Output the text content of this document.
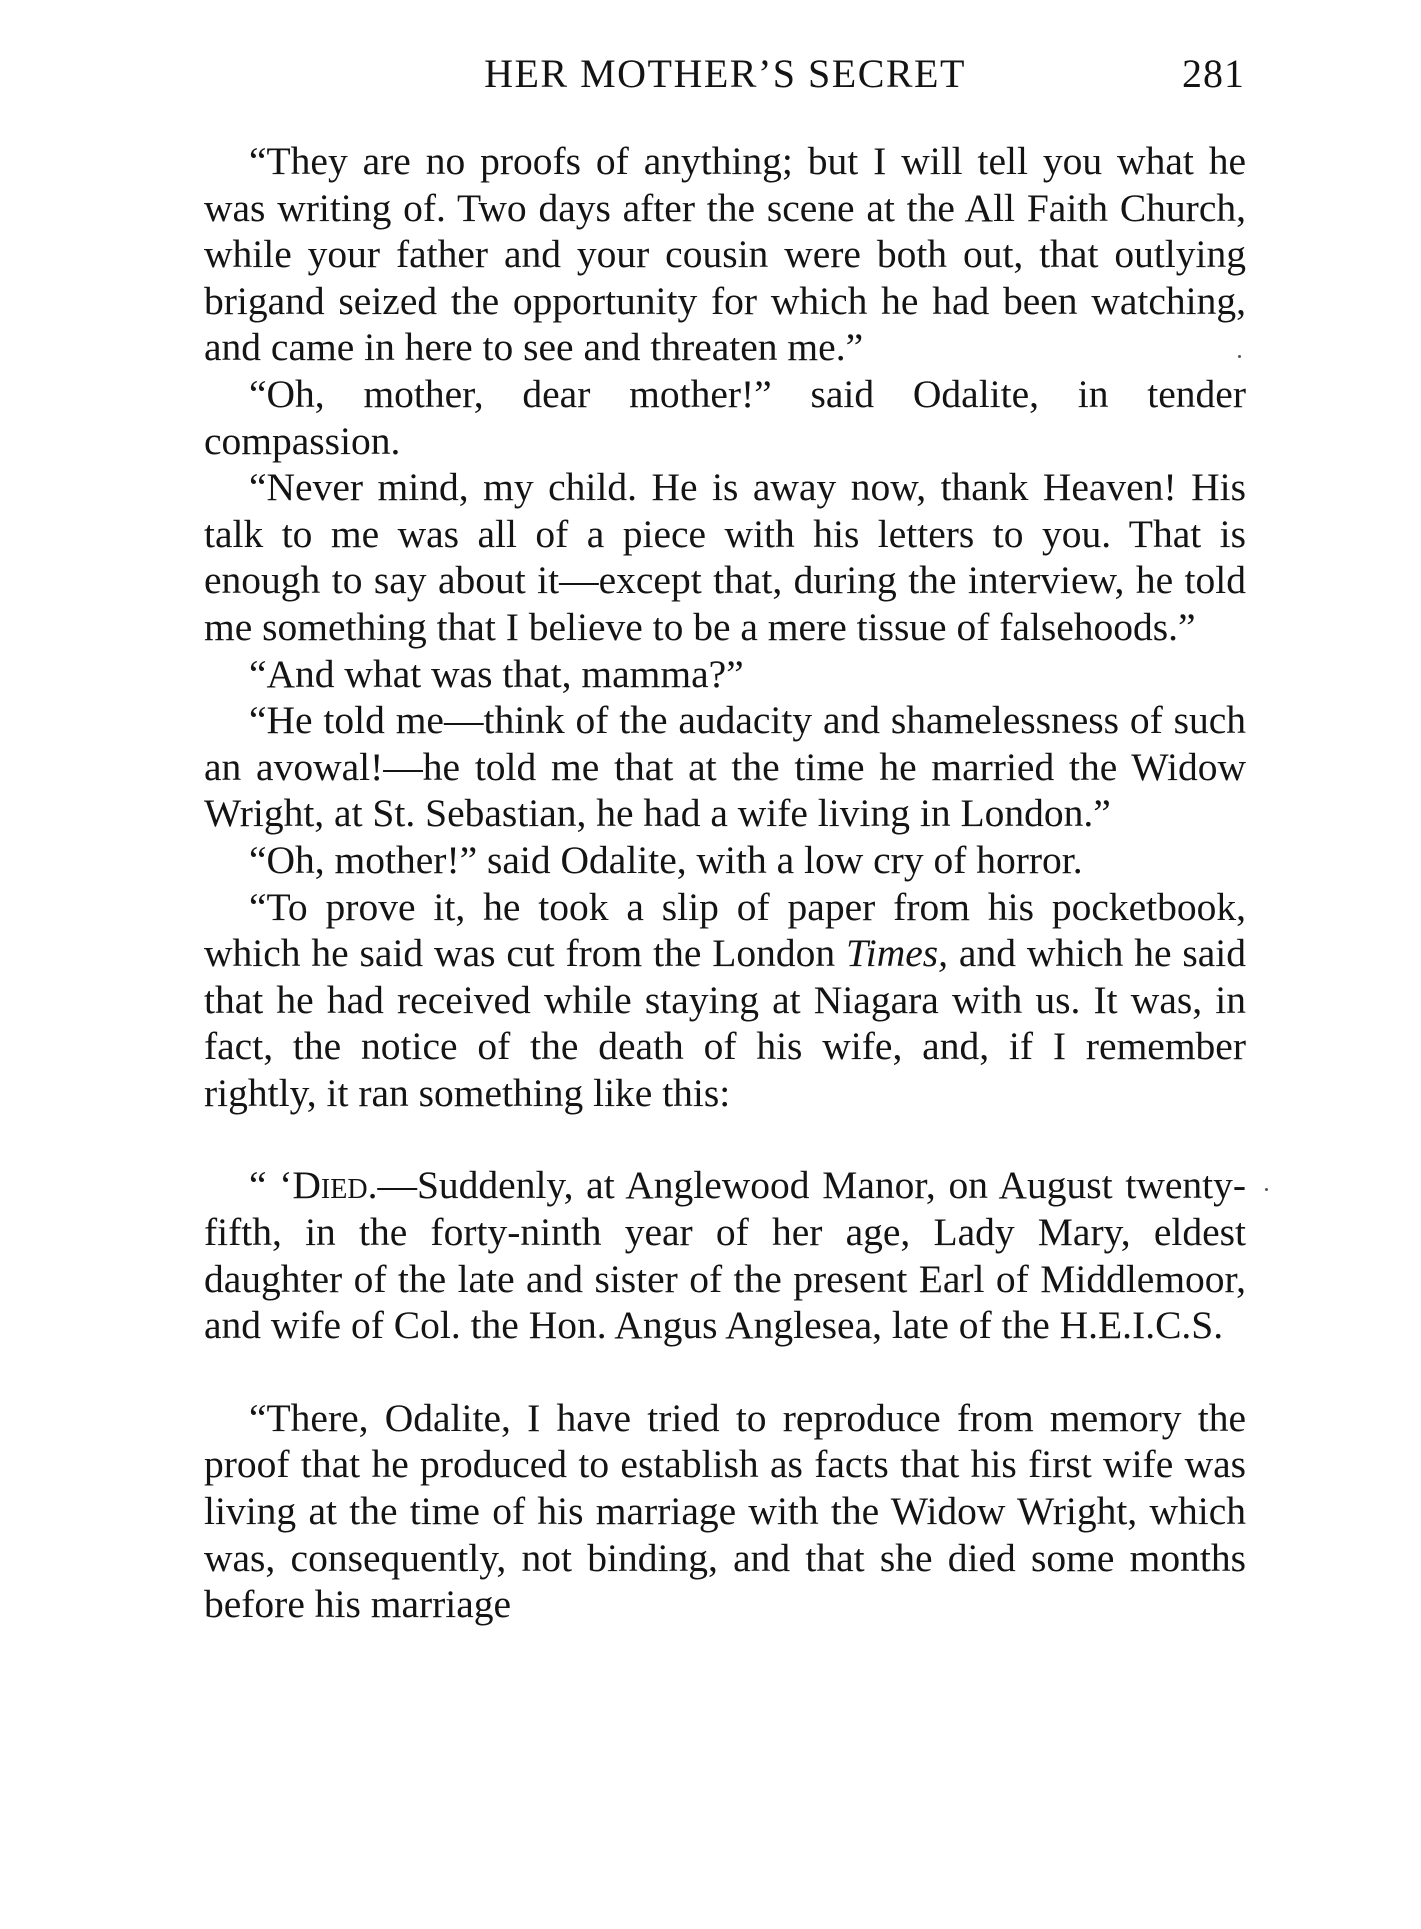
HER MOTHER’S SECRET	281

“They are no proofs of anything; but I will tell you what he was writing of. Two days after the scene at the All Faith Church, while your father and your cousin were both out, that outlying brigand seized the opportunity for which he had been watching, and came in here to see and threaten me.”

“Oh, mother, dear mother!” said Odalite, in tender compassion.

“Never mind, my child. He is away now, thank Heaven! His talk to me was all of a piece with his letters to you. That is enough to say about it—except that, during the interview, he told me something that I believe to be a mere tissue of falsehoods.”

“And what was that, mamma?”

“He told me—think of the audacity and shamelessness of such an avowal!—he told me that at the time he married the Widow Wright, at St. Sebastian, he had a wife living in London.”

“Oh, mother!” said Odalite, with a low cry of horror.

“To prove it, he took a slip of paper from his pocketbook, which he said was cut from the London Times, and which he said that he had received while staying at Niagara with us. It was, in fact, the notice of the death of his wife, and, if I remember rightly, it ran something like this:

“ ‘Died.—Suddenly, at Anglewood Manor, on August twenty-fifth, in the forty-ninth year of her age, Lady Mary, eldest daughter of the late and sister of the present Earl of Middlemoor, and wife of Col. the Hon. Angus Anglesea, late of the H.E.I.C.S.

“There, Odalite, I have tried to reproduce from memory the proof that he produced to establish as facts that his first wife was living at the time of his marriage with the Widow Wright, which was, consequently, not binding, and that she died some months before his marriage
